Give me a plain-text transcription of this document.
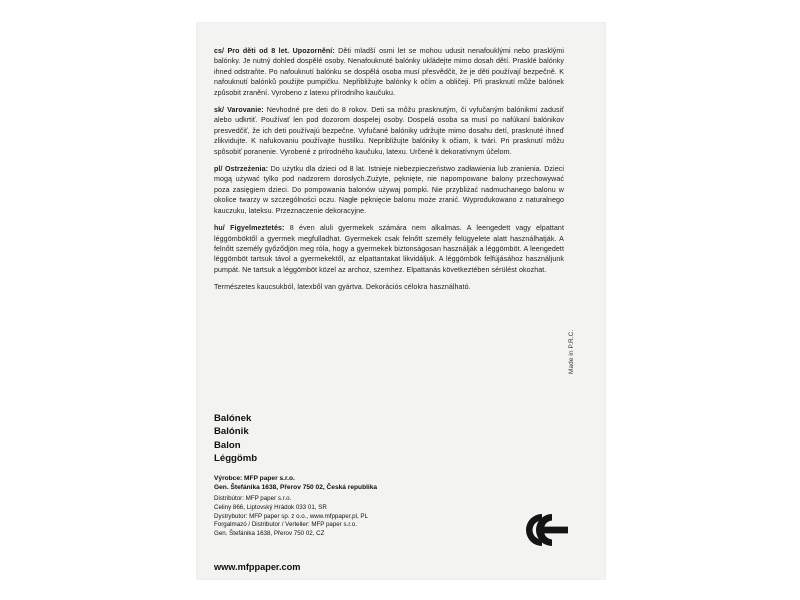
cs/ Pro děti od 8 let. Upozornění: Děti mladší osmi let se mohou udusit nenafouklými nebo prasklými balónky. Je nutný dohled dospělé osoby. Nenafouknuté balónky ukládejte mimo dosah dětí. Prasklé balónky ihned odstraňte. Po nafouknutí balónku se dospělá osoba musí přesvědčit, že je děti používají bezpečně. K nafouknutí balónků použijte pumpičku. Nepřibližujte balónky k očím a obličeji. Při prasknutí může balónek způsobit zranění. Vyrobeno z latexu přírodního kaučuku.

sk/ Varovanie: Nevhodné pre deti do 8 rokov. Deti sa môžu prasknutým, či vyfučaným balónikmi zadusiť alebo udkrtiť. Používať len pod dozorom dospelej osoby. Dospelá osoba sa musí po nafúkaní balónikov presvedčiť, že ich deti používajú bezpečne. Vyfučané balóniky udržujte mimo dosahu detí, prasknuté ihneď zlikvidujte. K nafukovaniu používajte hustilku. Nepribližujte balóniky k očiam, k tvári. Pri prasknutí môžu spôsobiť poranenie. Vyrobené z prírodného kaučuku, latexu. Určené k dekoratívnym účelom.

pl/ Ostrzeżenia: Do użytku dla dzieci od 8 lat. Istnieje niebezpieczeństwo zadławienia lub zranienia. Dzieci mogą używać tylko pod nadzorem dorosłych.Zużyte, pęknięte, nie napompowane balony przechowywać poza zasięgiem dzieci. Do pompowania balonów używaj pompki. Nie przybliżać nadmuchanego balonu w okolice twarzy w szczególności oczu. Nagłe pęknięcie balonu może zranić. Wyprodukowano z naturalnego kauczuku, lateksu. Przeznaczenie dekoracyjne.

hu/ Figyelmeztetés: 8 éven aluli gyermekek számára nem alkalmas. A leengedett vagy elpattant léggömböktől a gyermek megfulladhat. Gyermekek csak felnőtt személy felügyelete alatt használhatják. A felnőtt személy győződjön meg róla, hogy a gyermekek biztonságosan használják a léggömböt. A leengedett léggömböt tartsuk távol a gyermekektől, az elpattantakat likvidáljuk. A léggömbök felfújásához használjunk pumpát. Ne tartsuk a léggömböt közel az archoz, szemhez. Elpattanás következtében sérülést okozhat.

Természetes kaucsukból, latexből van gyártva. Dekorációs célokra használható.

Balónek
Balónik
Balon
Léggömb
Výrobce: MFP paper s.r.o.
Gen. Štefánika 1638, Přerov 750 02, Česká republika
Distribútor: MFP paper s.r.o.
Celiny 866, Liptovský Hrádok 033 01, SR
Dystrybutor: MFP paper sp. z o.o., www.mfppaper.pl, PL
Forgalmazó / Distributor / Verteiler: MFP paper s.r.o.
Gen. Štefánika 1638, Přerov 750 02, CZ
www.mfppaper.com
Made in P.R.C.
